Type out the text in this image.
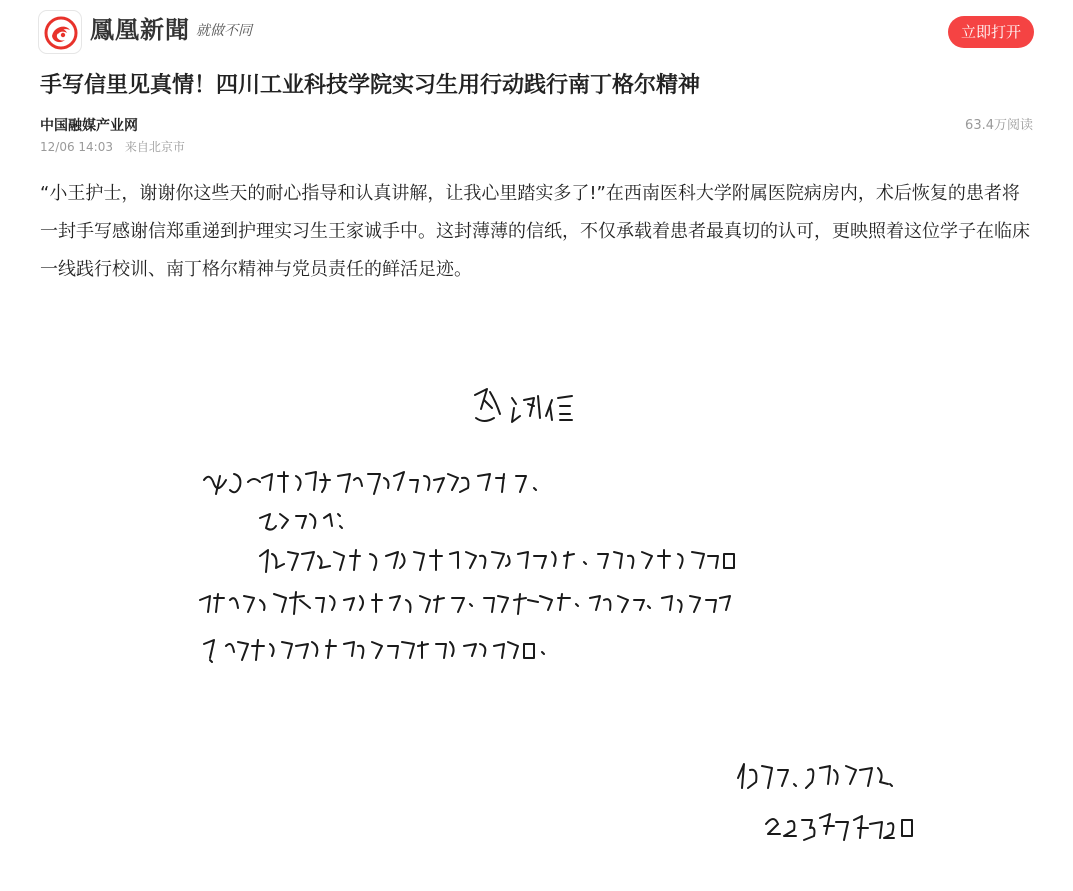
鳳凰新聞 就做不同	立即打开
手写信里见真情！四川工业科技学院实习生用行动践行南丁格尔精神
中国融媒产业网	63.4万阅读
12/06 14:03 来自北京市
“小王护士，谢谢你这些天的耐心指导和认真讲解，让我心里踏实多了!”在西南医科大学附属医院病房内，术后恢复的患者将一封手写感谢信郑重递到护理实习生王家诚手中。这封薄薄的信纸，不仅承载着患者最真切的认可，更映照着这位学子在临床一线践行校训、南丁格尔精神与党员责任的鲜活足迹。
